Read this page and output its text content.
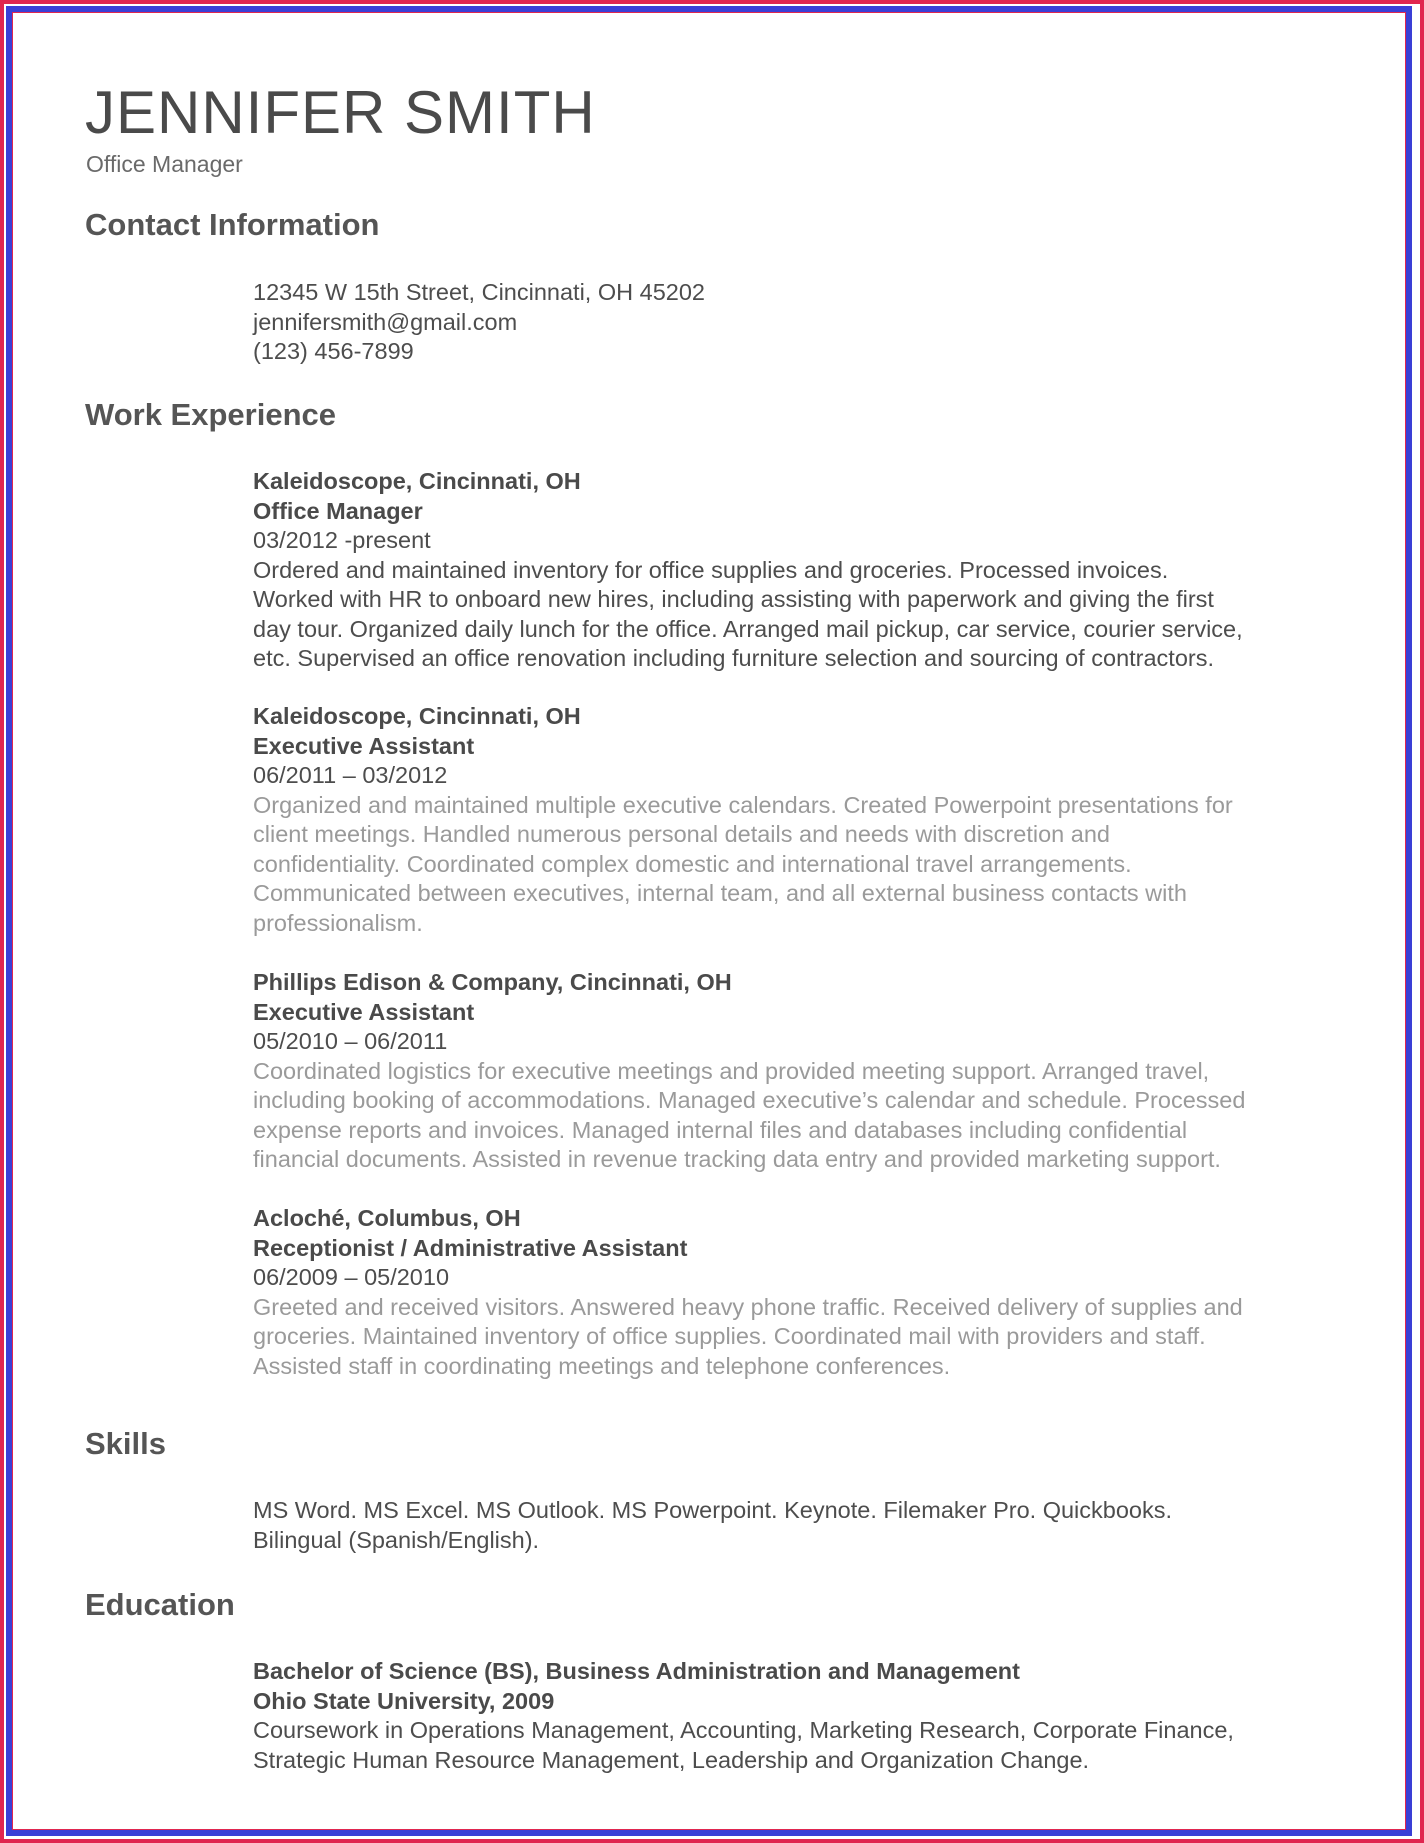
JENNIFER SMITH
Office Manager
Contact Information
12345 W 15th Street, Cincinnati, OH 45202
jennifersmith@gmail.com
(123) 456-7899
Work Experience
Kaleidoscope, Cincinnati, OH
Office Manager
03/2012 -present
Ordered and maintained inventory for office supplies and groceries. Processed invoices.
Worked with HR to onboard new hires, including assisting with paperwork and giving the first
day tour. Organized daily lunch for the office. Arranged mail pickup, car service, courier service,
etc. Supervised an office renovation including furniture selection and sourcing of contractors.
Kaleidoscope, Cincinnati, OH
Executive Assistant
06/2011 – 03/2012
Organized and maintained multiple executive calendars. Created Powerpoint presentations for
client meetings. Handled numerous personal details and needs with discretion and
confidentiality. Coordinated complex domestic and international travel arrangements.
Communicated between executives, internal team, and all external business contacts with
professionalism.
Phillips Edison & Company, Cincinnati, OH
Executive Assistant
05/2010 – 06/2011
Coordinated logistics for executive meetings and provided meeting support. Arranged travel,
including booking of accommodations. Managed executive’s calendar and schedule. Processed
expense reports and invoices. Managed internal files and databases including confidential
financial documents. Assisted in revenue tracking data entry and provided marketing support.
Acloché, Columbus, OH
Receptionist / Administrative Assistant
06/2009 – 05/2010
Greeted and received visitors. Answered heavy phone traffic. Received delivery of supplies and
groceries. Maintained inventory of office supplies. Coordinated mail with providers and staff.
Assisted staff in coordinating meetings and telephone conferences.
Skills
MS Word. MS Excel. MS Outlook. MS Powerpoint. Keynote. Filemaker Pro. Quickbooks.
Bilingual (Spanish/English).
Education
Bachelor of Science (BS), Business Administration and Management
Ohio State University, 2009
Coursework in Operations Management, Accounting, Marketing Research, Corporate Finance,
Strategic Human Resource Management, Leadership and Organization Change.
